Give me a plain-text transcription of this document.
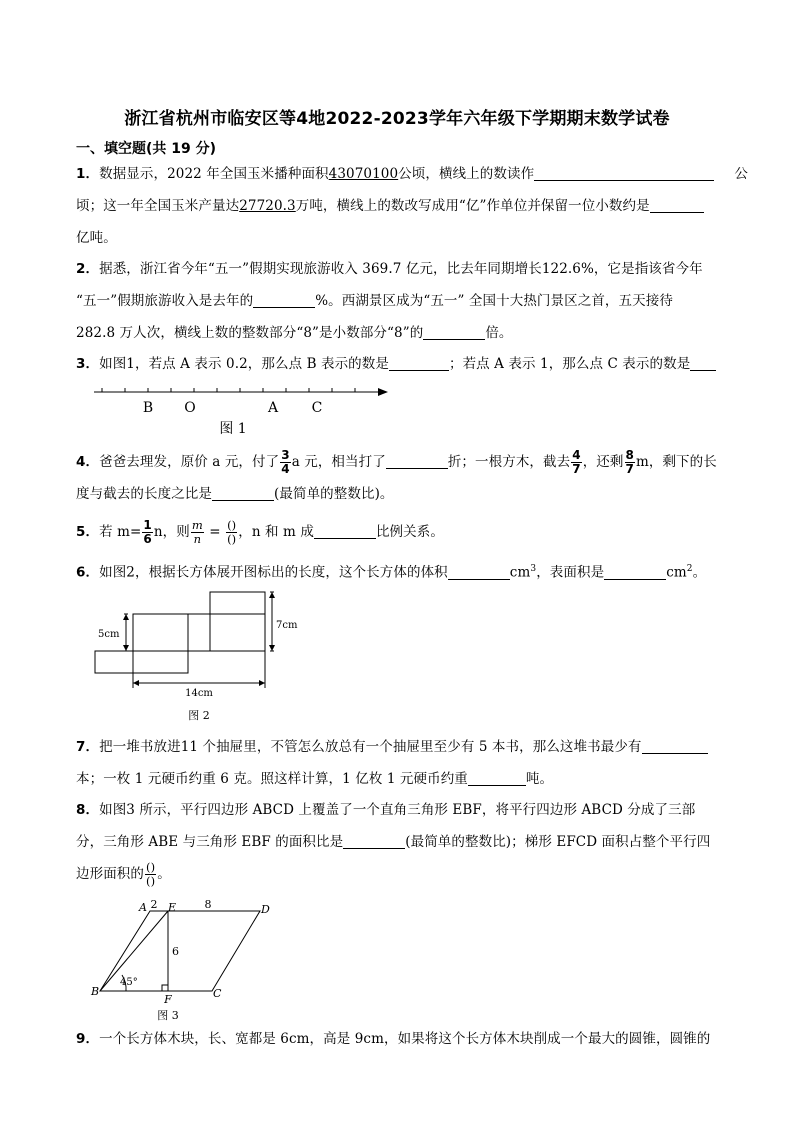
浙江省杭州市临安区等4地2022-2023学年六年级下学期期末数学试卷
一、填空题(共 19 分)
1．数据显示，2022 年全国玉米播种面积43070100公顷，横线上的数读作	公
顷；这一年全国玉米产量达27720.3万吨，横线上的数改写成用“亿”作单位并保留一位小数约是
亿吨。
2．据悉，浙江省今年“五一”假期实现旅游收入 369.7 亿元，比去年同期增长122.6%，它是指该省今年
“五一”假期旅游收入是去年的	%。西湖景区成为“五一” 全国十大热门景区之首，五天接待
282.8 万人次，横线上数的整数部分“8”是小数部分“8”的	倍。
3．如图1，若点 A 表示 0.2，那么点 B 表示的数是	；若点 A 表示 1，那么点 C 表示的数是
B O	A C
图 1
4．爸爸去理发，原价 a 元，付了 $\frac{3}{4}$ a 元，相当打了	折；一根方木，截去 $\frac{4}{7}$ ，还剩 $\frac{8}{7}$ m，剩下的长
度与截去的长度之比是	(最简单的整数比)。
5．若 $m= \frac{1}{6}$ n，则 $\frac{m}{n} = \frac{()}{()}$ ，n 和 m 成	比例关系。
6．如图2，根据长方体展开图标出的长度，这个长方体的体积	$cm^3$，表面积是	$cm^2$。
5cm
7cm
14cm
图 2
7．把一堆书放进11 个抽屉里，不管怎么放总有一个抽屉里至少有 5 本书，那么这堆书最少有
本；一枚 1 元硬币约重 6 克。照这样计算，1 亿枚 1 元硬币约重	吨。
8．如图3 所示，平行四边形 ABCD 上覆盖了一个直角三角形 EBF，将平行四边形 ABCD 分成了三部
分，三角形 ABE 与三角形 EBF 的面积比是	(最简单的整数比)；梯形 EFCD 面积占整个平行四
边形面积的 $\frac{()}{()}$ 。
A E	D
B
F	C
2	8
6
45°
图 3
9．一个长方体木块，长、宽都是 6cm，高是 9cm，如果将这个长方体木块削成一个最大的圆锥，圆锥的
